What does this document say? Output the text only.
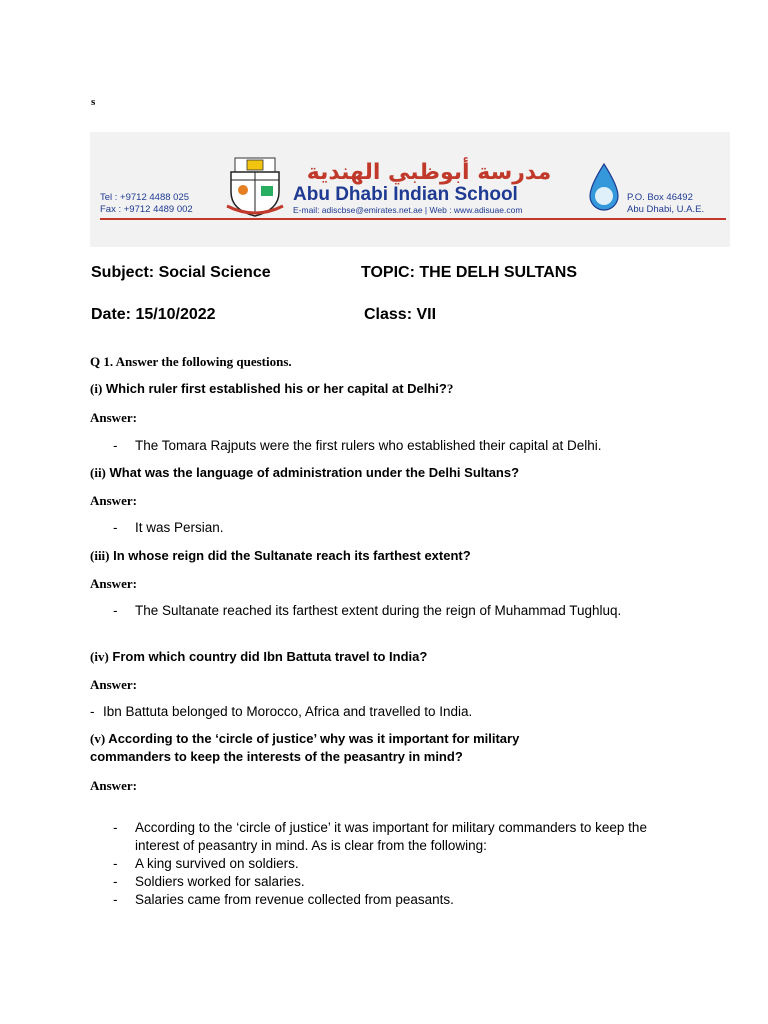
s
Tel : +9712 4488 025
Fax : +9712 4489 002
مدرسة أبوظبي الهندية
Abu Dhabi Indian School
E-mail: adiscbse@emirates.net.ae | Web : www.adisuae.com
P.O. Box 46492
Abu Dhabi, U.A.E.
Subject: Social Science	TOPIC: THE DELH SULTANS
Date: 15/10/2022	Class: VII
Q 1. Answer the following questions.
(i) Which ruler first established his or her capital at Delhi??
Answer:
- The Tomara Rajputs were the first rulers who established their capital at Delhi.
(ii) What was the language of administration under the Delhi Sultans?
Answer:
- It was Persian.
(iii) In whose reign did the Sultanate reach its farthest extent?
Answer:
- The Sultanate reached its farthest extent during the reign of Muhammad Tughluq.
(iv) From which country did Ibn Battuta travel to India?
Answer:
- Ibn Battuta belonged to Morocco, Africa and travelled to India.
(v) According to the ‘circle of justice’ why was it important for military
commanders to keep the interests of the peasantry in mind?
Answer:
- According to the ‘circle of justice’ it was important for military commanders to keep the interest of peasantry in mind. As is clear from the following:
- A king survived on soldiers.
- Soldiers worked for salaries.
- Salaries came from revenue collected from peasants.
